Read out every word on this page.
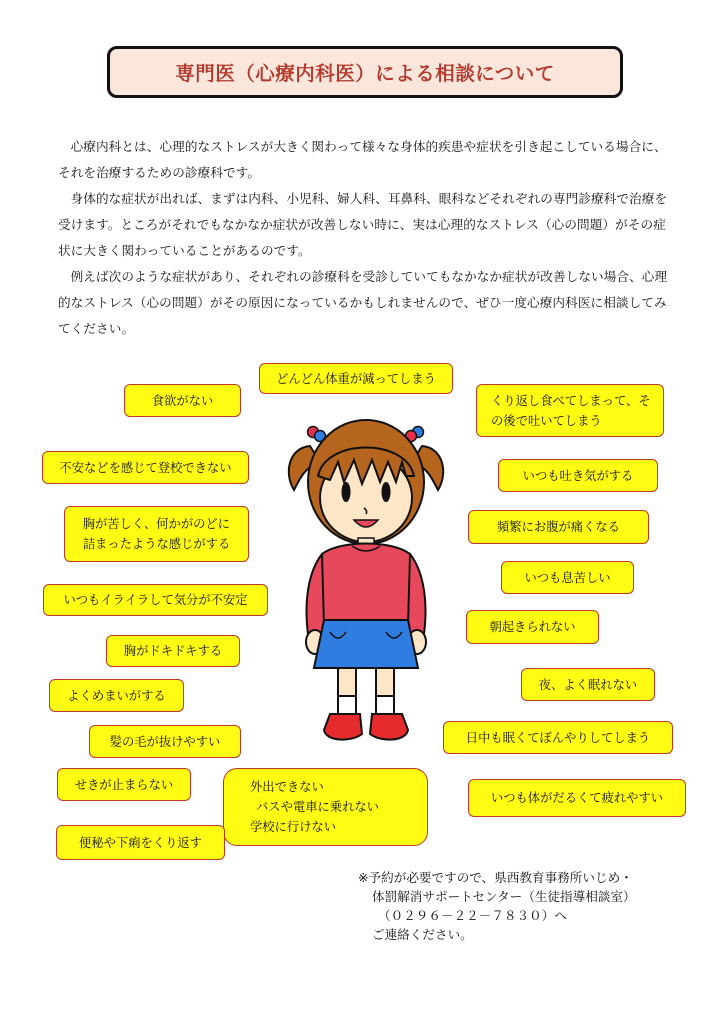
専門医（心療内科医）による相談について

心療内科とは、心理的なストレスが大きく関わって様々な身体的疾患や症状を引き起こしている場合に、それを治療するための診療科です。

身体的な症状が出れば、まずは内科、小児科、婦人科、耳鼻科、眼科などそれぞれの専門診療科で治療を受けます。ところがそれでもなかなか症状が改善しない時に、実は心理的なストレス（心の問題）がその症状に大きく関わっていることがあるのです。

例えば次のような症状があり、それぞれの診療科を受診していてもなかなか症状が改善しない場合、心理的なストレス（心の問題）がその原因になっているかもしれませんので、ぜひ一度心療内科医に相談してみてください。

どんどん体重が減ってしまう
食欲がない	くり返し食べてしまって、そ
の後で吐いてしまう
不安などを感じて登校できない
いつも吐き気がする
胸が苦しく、何かがのどに
詰まったような感じがする
頻繁にお腹が痛くなる
いつも息苦しい
いつもイライラして気分が不安定
朝起きられない
胸がドキドキする
夜、よく眠れない
よくめまいがする
日中も眠くてぼんやりしてしまう
髪の毛が抜けやすい
せきが止まらない	外出できない
バスや電車に乗れない
学校に行けない
いつも体がだるくて疲れやすい
便秘や下痢をくり返す
※予約が必要ですので、県西教育事務所いじめ・
体罰解消サポートセンター（生徒指導相談室）
（０２９６－２２－７８３０）へ
ご連絡ください。
